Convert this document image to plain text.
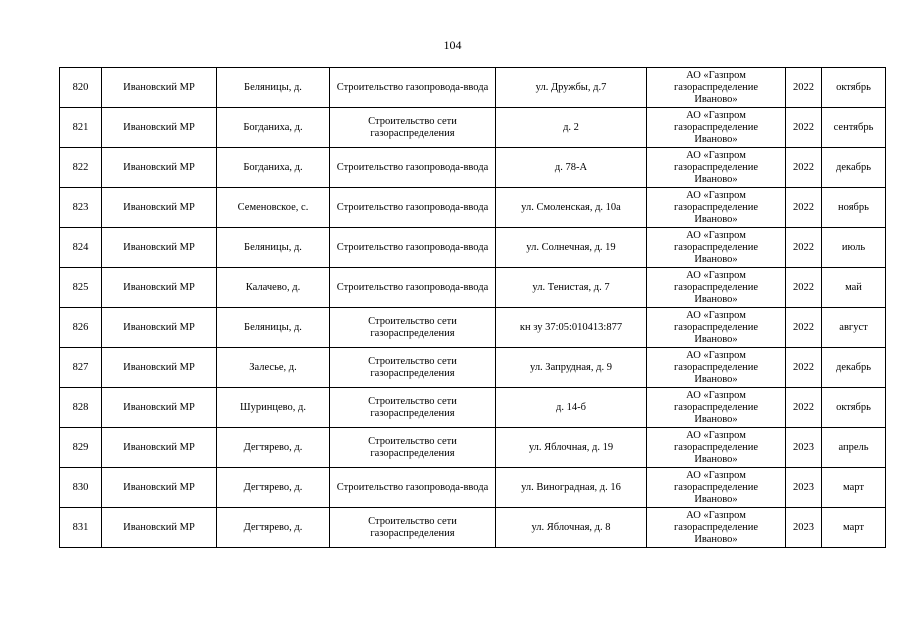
104
820	Ивановский МР	Беляницы, д.	Строительство газопровода-ввода	ул. Дружбы, д.7	АО «Газпром
газораспределение
Иваново»	2022	октябрь
821	Ивановский МР	Богданиха, д.	Строительство сети газораспределения	д. 2	АО «Газпром
газораспределение
Иваново»	2022	сентябрь
822	Ивановский МР	Богданиха, д.	Строительство газопровода-ввода	д. 78-А	АО «Газпром
газораспределение
Иваново»	2022	декабрь
823	Ивановский МР	Семеновское, с.	Строительство газопровода-ввода	ул. Смоленская, д. 10а	АО «Газпром
газораспределение
Иваново»	2022	ноябрь
824	Ивановский МР	Беляницы, д.	Строительство газопровода-ввода	ул. Солнечная, д. 19	АО «Газпром
газораспределение
Иваново»	2022	июль
825	Ивановский МР	Калачево, д.	Строительство газопровода-ввода	ул. Тенистая, д. 7	АО «Газпром
газораспределение
Иваново»	2022	май
826	Ивановский МР	Беляницы, д.	Строительство сети газораспределения	кн зу 37:05:010413:877	АО «Газпром
газораспределение
Иваново»	2022	август
827	Ивановский МР	Залесье, д.	Строительство сети газораспределения	ул. Запрудная, д. 9	АО «Газпром
газораспределение
Иваново»	2022	декабрь
828	Ивановский МР	Шуринцево, д.	Строительство сети газораспределения	д. 14-б	АО «Газпром
газораспределение
Иваново»	2022	октябрь
829	Ивановский МР	Дегтярево, д.	Строительство сети газораспределения	ул. Яблочная, д. 19	АО «Газпром
газораспределение
Иваново»	2023	апрель
830	Ивановский МР	Дегтярево, д.	Строительство газопровода-ввода	ул. Виноградная, д. 16	АО «Газпром
газораспределение
Иваново»	2023	март
831	Ивановский МР	Дегтярево, д.	Строительство сети газораспределения	ул. Яблочная, д. 8	АО «Газпром
газораспределение
Иваново»	2023	март
